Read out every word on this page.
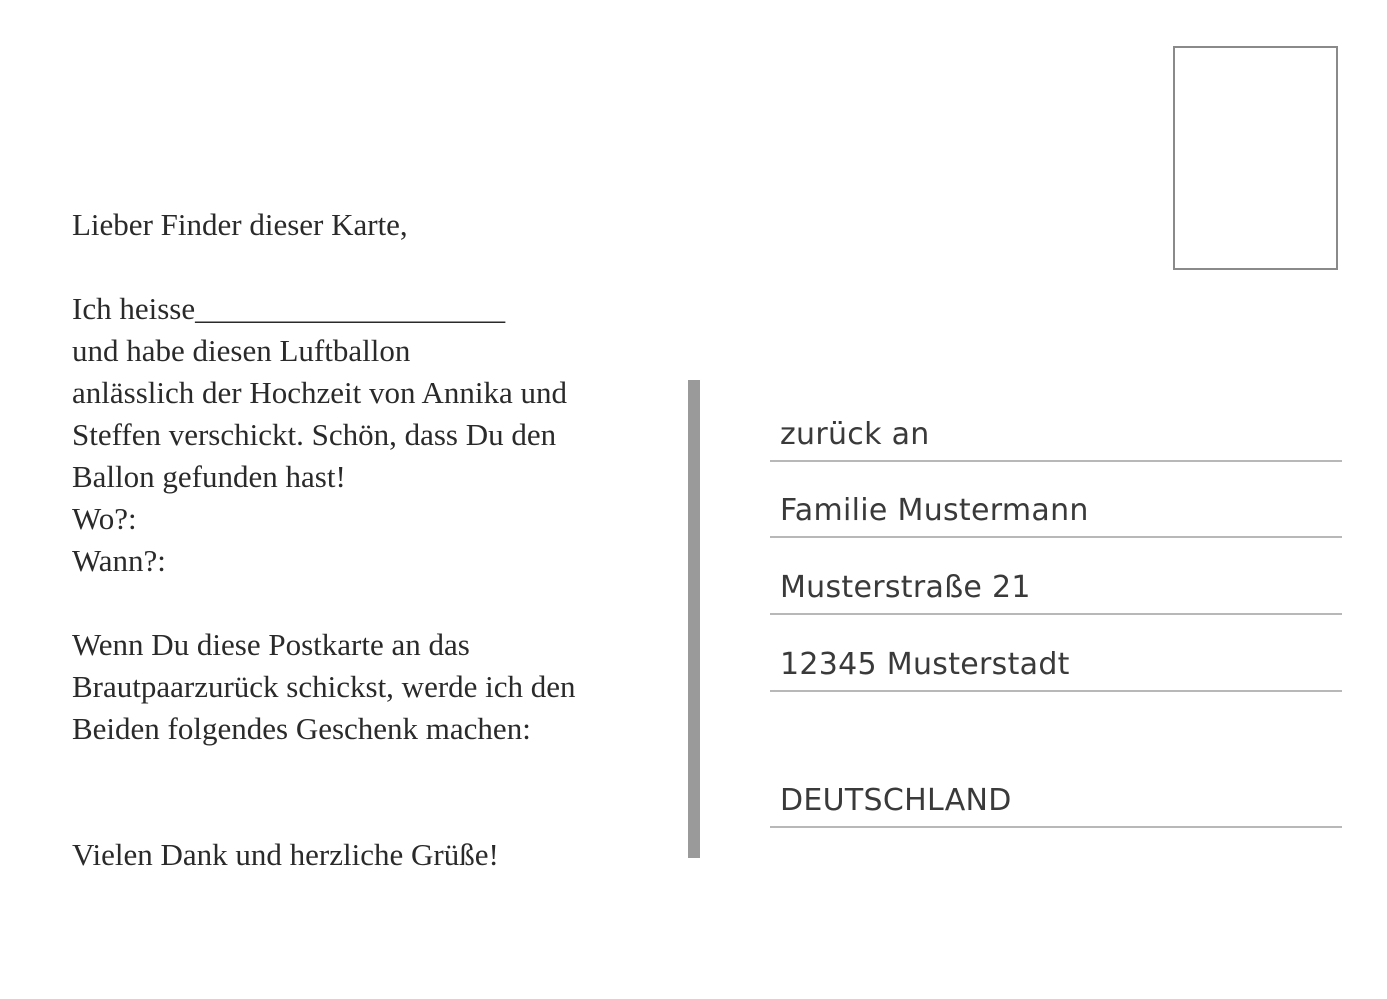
Lieber Finder dieser Karte,
Ich heisse____________________
und habe diesen Luftballon
anlässlich der Hochzeit von Annika und
Steffen verschickt. Schön, dass Du den
Ballon gefunden hast!
Wo?:
Wann?:
Wenn Du diese Postkarte an das
Brautpaarzurück schickst, werde ich den
Beiden folgendes Geschenk machen:
Vielen Dank und herzliche Grüße!
zurück an
Familie Mustermann
Musterstraße 21
12345 Musterstadt
DEUTSCHLAND
